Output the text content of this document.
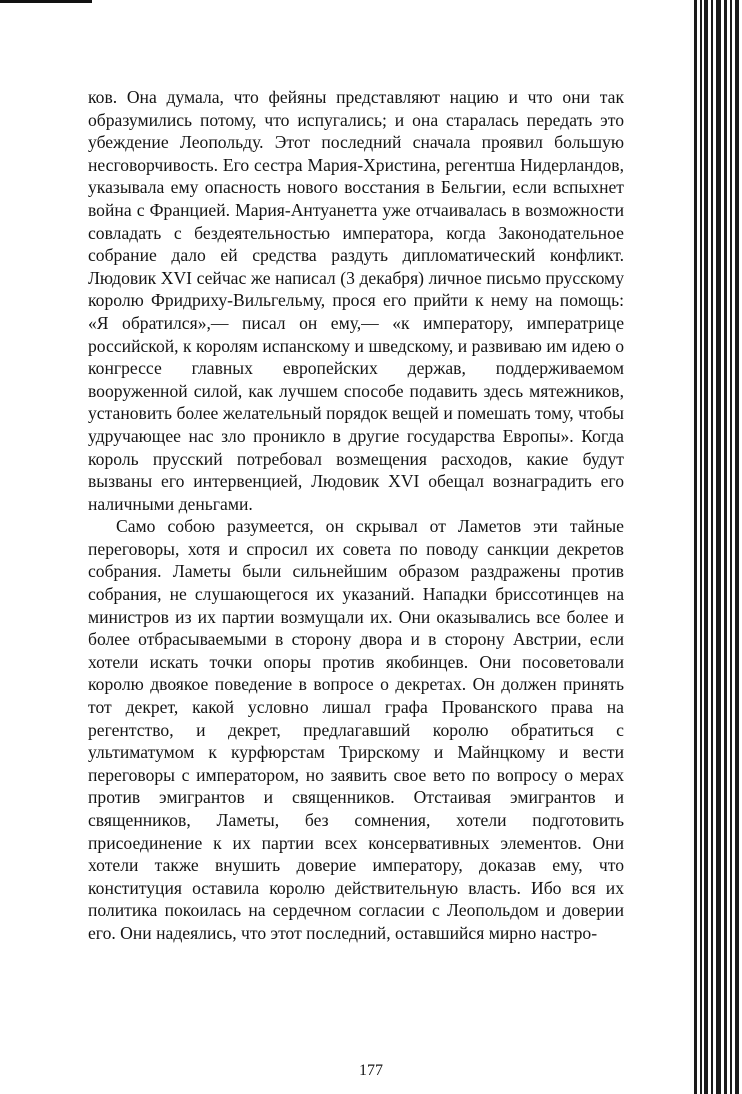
ков. Она думала, что фейяны представляют нацию и что они так образумились потому, что испугались; и она старалась передать это убеждение Леопольду. Этот последний сначала проявил большую несговорчивость. Его сестра Мария-Христина, регентша Нидерландов, указывала ему опасность нового восстания в Бельгии, если вспыхнет война с Францией. Мария-Антуанетта уже отчаивалась в возможности совладать с бездеятельностью императора, когда Законодательное собрание дало ей средства раздуть дипломатический конфликт. Людовик XVI сейчас же написал (3 декабря) личное письмо прусскому королю Фридриху-Вильгельму, прося его прийти к нему на помощь: «Я обратился»,— писал он ему,— «к императору, императрице российской, к королям испанскому и шведскому, и развиваю им идею о конгрессе главных европейских держав, поддерживаемом вооруженной силой, как лучшем способе подавить здесь мятежников, установить более желательный порядок вещей и помешать тому, чтобы удручающее нас зло проникло в другие государства Европы». Когда король прусский потребовал возмещения расходов, какие будут вызваны его интервенцией, Людовик XVI обещал вознаградить его наличными деньгами.

Само собою разумеется, он скрывал от Ламетов эти тайные переговоры, хотя и спросил их совета по поводу санкции декретов собрания. Ламеты были сильнейшим образом раздражены против собрания, не слушающегося их указаний. Нападки бриссотинцев на министров из их партии возмущали их. Они оказывались все более и более отбрасываемыми в сторону двора и в сторону Австрии, если хотели искать точки опоры против якобинцев. Они посоветовали королю двоякое поведение в вопросе о декретах. Он должен принять тот декрет, какой условно лишал графа Прованского права на регентство, и декрет, предлагавший королю обратиться с ультиматумом к курфюрстам Трирскому и Майнцкому и вести переговоры с императором, но заявить свое вето по вопросу о мерах против эмигрантов и священников. Отстаивая эмигрантов и священников, Ламеты, без сомнения, хотели подготовить присоединение к их партии всех консервативных элементов. Они хотели также внушить доверие императору, доказав ему, что конституция оставила королю действительную власть. Ибо вся их политика покоилась на сердечном согласии с Леопольдом и доверии его. Они надеялись, что этот последний, оставшийся мирно настро-

177
